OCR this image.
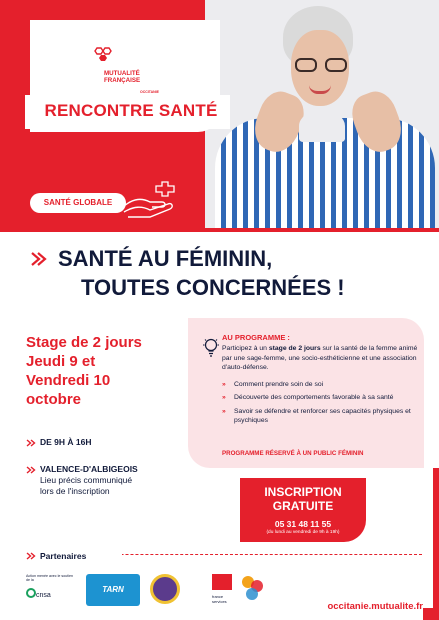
MUTUALITÉ FRANÇAISE
OCCITANIE
RENCONTRE SANTÉ
SANTÉ GLOBALE
SANTÉ AU FÉMININ,
TOUTES CONCERNÉES !
Stage de 2 jours
Jeudi 9 et
Vendredi 10
octobre
DE 9H À 16H
VALENCE-D'ALBIGEOIS
Lieu précis communiqué
lors de l'inscription
AU PROGRAMME :
Participez à un stage de 2 jours sur la santé de la femme animé par une sage-femme, une socio-esthéticienne et une association d'auto-défense.
» Comment prendre soin de soi
» Découverte des comportements favorable à sa santé
» Savoir se défendre et renforcer ses capacités physiques et psychiques
PROGRAMME RÉSERVÉ À UN PUBLIC FÉMININ
INSCRIPTION
GRATUITE
05 31 48 11 55
(du lundi au vendredi de 9h à 19h)
Partenaires
Action menée avec le soutien de la
cnsa
TARN
france services	occitanie.mutualite.fr
